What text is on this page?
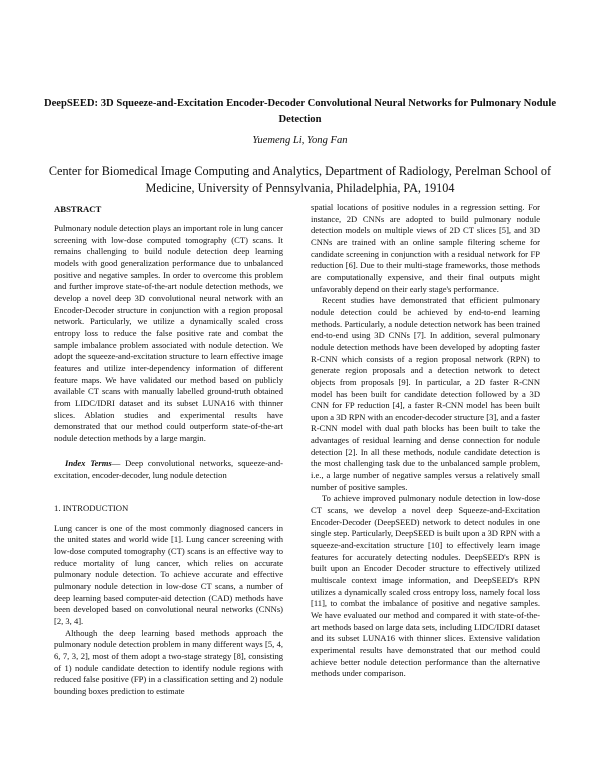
DeepSEED: 3D Squeeze-and-Excitation Encoder-Decoder Convolutional Neural Networks for Pulmonary Nodule Detection

Yuemeng Li, Yong Fan

Center for Biomedical Image Computing and Analytics, Department of Radiology, Perelman School of Medicine, University of Pennsylvania, Philadelphia, PA, 19104

ABSTRACT

Pulmonary nodule detection plays an important role in lung cancer screening with low-dose computed tomography (CT) scans. It remains challenging to build nodule detection deep learning models with good generalization performance due to unbalanced positive and negative samples. In order to overcome this problem and further improve state-of-the-art nodule detection methods, we develop a novel deep 3D convolutional neural network with an Encoder-Decoder structure in conjunction with a region proposal network. Particularly, we utilize a dynamically scaled cross entropy loss to reduce the false positive rate and combat the sample imbalance problem associated with nodule detection. We adopt the squeeze-and-excitation structure to learn effective image features and utilize inter-dependency information of different feature maps. We have validated our method based on publicly available CT scans with manually labelled ground-truth obtained from LIDC/IDRI dataset and its subset LUNA16 with thinner slices. Ablation studies and experimental results have demonstrated that our method could outperform state-of-the-art nodule detection methods by a large margin.

Index Terms— Deep convolutional networks, squeeze-and-excitation, encoder-decoder, lung nodule detection

1. INTRODUCTION

Lung cancer is one of the most commonly diagnosed cancers in the united states and world wide [1]. Lung cancer screening with low-dose computed tomography (CT) scans is an effective way to reduce mortality of lung cancer, which relies on accurate pulmonary nodule detection. To achieve accurate and effective pulmonary nodule detection in low-dose CT scans, a number of deep learning based computer-aid detection (CAD) methods have been developed based on convolutional neural networks (CNNs) [2, 3, 4].

Although the deep learning based methods approach the pulmonary nodule detection problem in many different ways [5, 4, 6, 7, 3, 2], most of them adopt a two-stage strategy [8], consisting of 1) nodule candidate detection to identify nodule regions with reduced false positive (FP) in a classification setting and 2) nodule bounding boxes prediction to estimate

spatial locations of positive nodules in a regression setting. For instance, 2D CNNs are adopted to build pulmonary nodule detection models on multiple views of 2D CT slices [5], and 3D CNNs are trained with an online sample filtering scheme for candidate screening in conjunction with a residual network for FP reduction [6]. Due to their multi-stage frameworks, those methods are computationally expensive, and their final outputs might unfavorably depend on their early stage's performance.

Recent studies have demonstrated that efficient pulmonary nodule detection could be achieved by end-to-end learning methods. Particularly, a nodule detection network has been trained end-to-end using 3D CNNs [7]. In addition, several pulmonary nodule detection methods have been developed by adopting faster R-CNN which consists of a region proposal network (RPN) to generate region proposals and a detection network to detect objects from proposals [9]. In particular, a 2D faster R-CNN model has been built for candidate detection followed by a 3D CNN for FP reduction [4], a faster R-CNN model has been built upon a 3D RPN with an encoder-decoder structure [3], and a faster R-CNN model with dual path blocks has been built to take the advantages of residual learning and dense connection for nodule detection [2]. In all these methods, nodule candidate detection is the most challenging task due to the unbalanced sample problem, i.e., a large number of negative samples versus a relatively small number of positive samples.

To achieve improved pulmonary nodule detection in low-dose CT scans, we develop a novel deep Squeeze-and-Excitation Encoder-Decoder (DeepSEED) network to detect nodules in one single step. Particularly, DeepSEED is built upon a 3D RPN with a squeeze-and-excitation structure [10] to effectively learn image features for accurately detecting nodules. DeepSEED's RPN is built upon an Encoder Decoder structure to effectively utilized multiscale context image information, and DeepSEED's RPN utilizes a dynamically scaled cross entropy loss, namely focal loss [11], to combat the imbalance of positive and negative samples. We have evaluated our method and compared it with state-of-the-art methods based on large data sets, including LIDC/IDRI dataset and its subset LUNA16 with thinner slices. Extensive validation experimental results have demonstrated that our method could achieve better nodule detection performance than the alternative methods under comparison.
